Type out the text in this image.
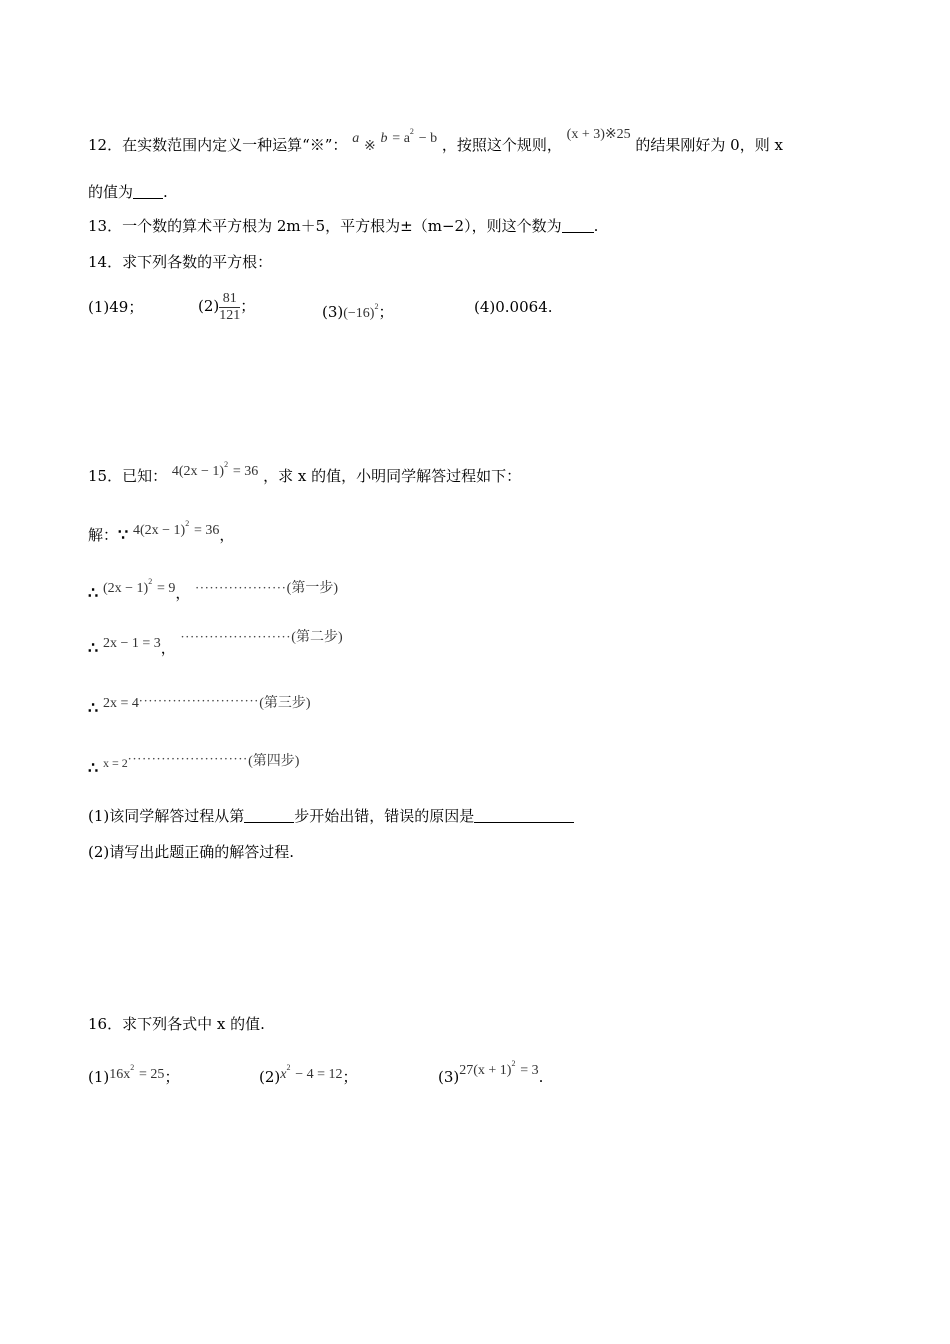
12．在实数范围内定义一种运算“※”： a ※ $b = a^2 - b$ ，按照这个规则， (x + 3)※25 的结果刚好为 0，则 x
的值为 .
13．一个数的算术平方根为 2m＋5，平方根为±（m−2），则这个数为 .
14．求下列各数的平方根：
(1)49；	$(2) \frac{81}{121}$ ；	$(3)(-16)^2$；	(4)0.0064.
15．已知： $4(2x - 1)^2 = 36$ ，求 x 的值，小明同学解答过程如下：
解：∵ $4(2x - 1)^2 = 36$，
∴ $(2x - 1)^2 = 9$， ···················(第一步)
∴ 2x − 1 = 3， ·······················(第二步)
∴ 2x = 4·························(第三步)
∴ $^{x = 2\cdot\cdot\cdot\cdot\cdot\cdot\cdot\cdot\cdot\cdot\cdot\cdot\cdot\cdot\cdot\cdot\cdot\cdot\cdot\cdot\cdot\cdot\cdot\cdot\cdot}$(第四步)
(1)该同学解答过程从第	步开始出错，错误的原因是
(2)请写出此题正确的解答过程.
16．求下列各式中 x 的值.
$(1)16x^2 = 25$；	$(2)x^2 - 4 = 12$；	$(3)27(x + 1)^2 = 3$.
